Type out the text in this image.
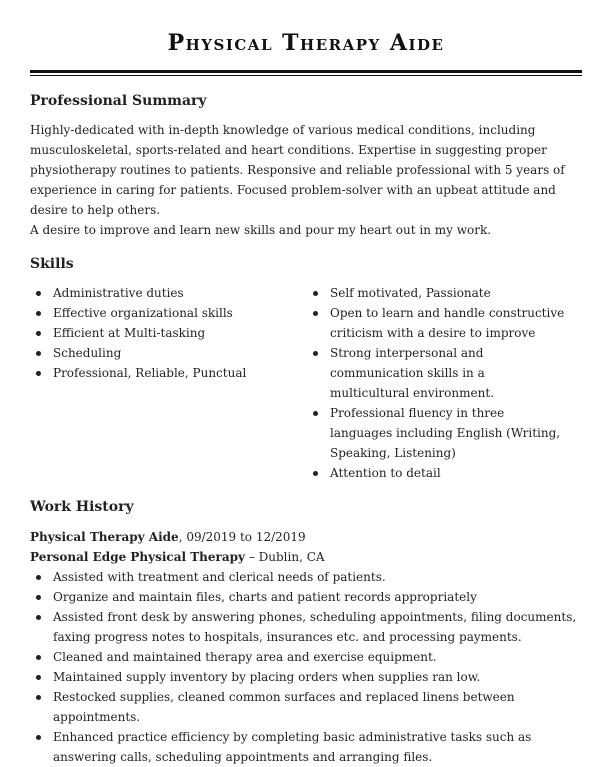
Physical Therapy Aide
Professional Summary

Highly-dedicated with in-depth knowledge of various medical conditions, including musculoskeletal, sports-related and heart conditions. Expertise in suggesting proper physiotherapy routines to patients. Responsive and reliable professional with 5 years of experience in caring for patients. Focused problem-solver with an upbeat attitude and desire to help others.

A desire to improve and learn new skills and pour my heart out in my work.

Skills
Administrative duties
Effective organizational skills
Efficient at Multi-tasking
Scheduling
Professional, Reliable, Punctual
Self motivated, Passionate
Open to learn and handle constructive criticism with a desire to improve
Strong interpersonal and communication skills in a multicultural environment.
Professional fluency in three languages including English (Writing, Speaking, Listening)
Attention to detail
Work History
Physical Therapy Aide, 09/2019 to 12/2019
Personal Edge Physical Therapy – Dublin, CA
Assisted with treatment and clerical needs of patients.
Organize and maintain files, charts and patient records appropriately
Assisted front desk by answering phones, scheduling appointments, filing documents, faxing progress notes to hospitals, insurances etc. and processing payments.
Cleaned and maintained therapy area and exercise equipment.
Maintained supply inventory by placing orders when supplies ran low.
Restocked supplies, cleaned common surfaces and replaced linens between appointments.
Enhanced practice efficiency by completing basic administrative tasks such as answering calls, scheduling appointments and arranging files.
